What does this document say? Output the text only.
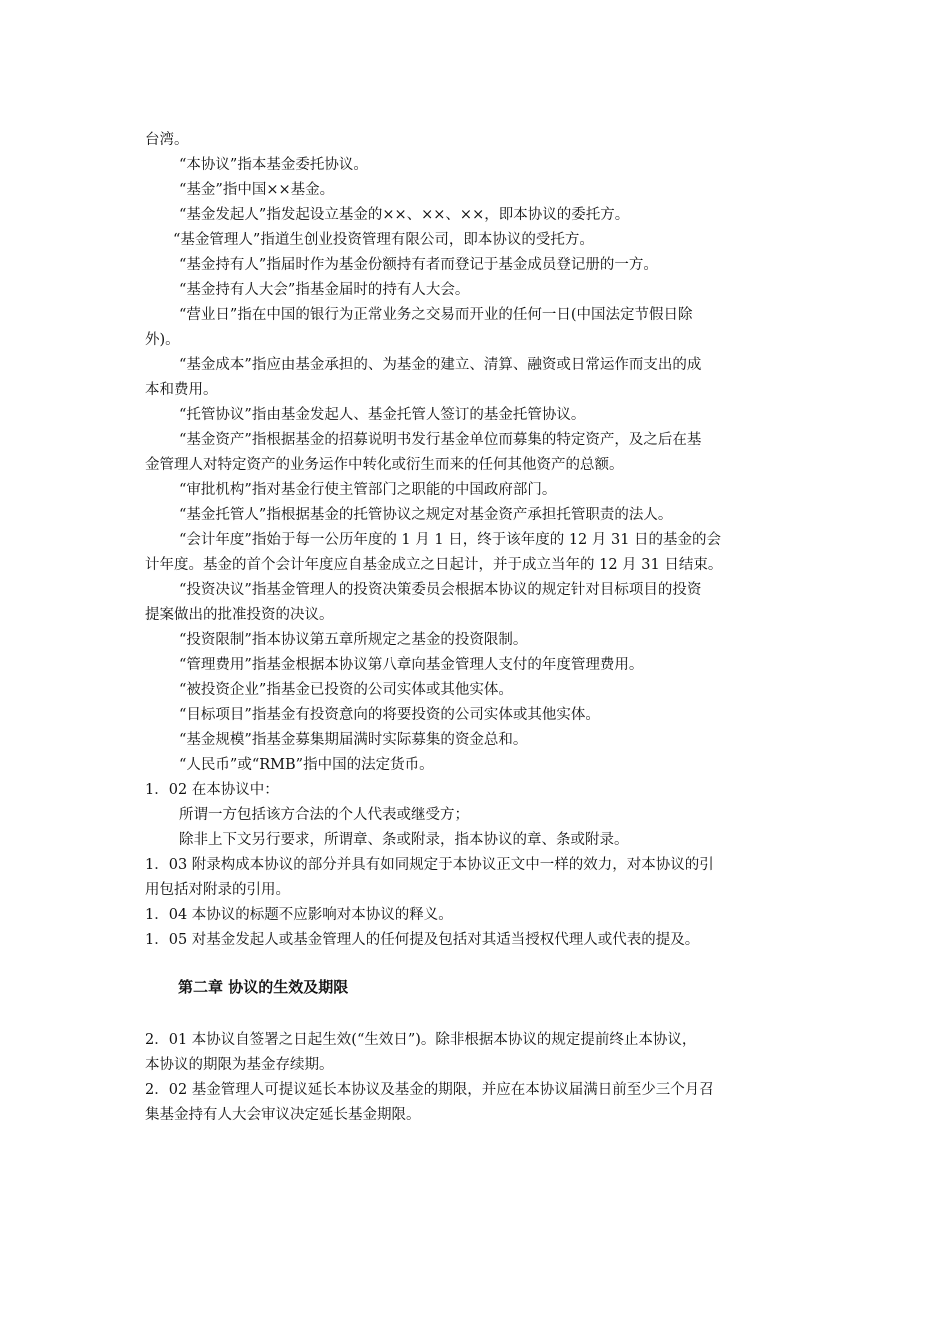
台湾。
“本协议”指本基金委托协议。
“基金”指中国××基金。
“基金发起人”指发起设立基金的××、××、××，即本协议的委托方。
“基金管理人”指道生创业投资管理有限公司，即本协议的受托方。
“基金持有人”指届时作为基金份额持有者而登记于基金成员登记册的一方。
“基金持有人大会”指基金届时的持有人大会。
“营业日”指在中国的银行为正常业务之交易而开业的任何一日(中国法定节假日除
外)。
“基金成本”指应由基金承担的、为基金的建立、清算、融资或日常运作而支出的成
本和费用。
“托管协议”指由基金发起人、基金托管人签订的基金托管协议。
“基金资产”指根据基金的招募说明书发行基金单位而募集的特定资产，及之后在基
金管理人对特定资产的业务运作中转化或衍生而来的任何其他资产的总额。
“审批机构”指对基金行使主管部门之职能的中国政府部门。
“基金托管人”指根据基金的托管协议之规定对基金资产承担托管职责的法人。
“会计年度”指始于每一公历年度的 1 月 1 日，终于该年度的 12 月 31 日的基金的会
计年度。基金的首个会计年度应自基金成立之日起计，并于成立当年的 12 月 31 日结束。
“投资决议”指基金管理人的投资决策委员会根据本协议的规定针对目标项目的投资
提案做出的批准投资的决议。
“投资限制”指本协议第五章所规定之基金的投资限制。
“管理费用”指基金根据本协议第八章向基金管理人支付的年度管理费用。
“被投资企业”指基金已投资的公司实体或其他实体。
“目标项目”指基金有投资意向的将要投资的公司实体或其他实体。
“基金规模”指基金募集期届满时实际募集的资金总和。
“人民币”或“RMB”指中国的法定货币。
1．02 在本协议中：
所谓一方包括该方合法的个人代表或继受方；
除非上下文另行要求，所谓章、条或附录，指本协议的章、条或附录。
1．03 附录构成本协议的部分并具有如同规定于本协议正文中一样的效力，对本协议的引
用包括对附录的引用。
1．04 本协议的标题不应影响对本协议的释义。
1．05 对基金发起人或基金管理人的任何提及包括对其适当授权代理人或代表的提及。
第二章 协议的生效及期限
2．01 本协议自签署之日起生效(“生效日”)。除非根据本协议的规定提前终止本协议，
本协议的期限为基金存续期。
2．02 基金管理人可提议延长本协议及基金的期限，并应在本协议届满日前至少三个月召
集基金持有人大会审议决定延长基金期限。
